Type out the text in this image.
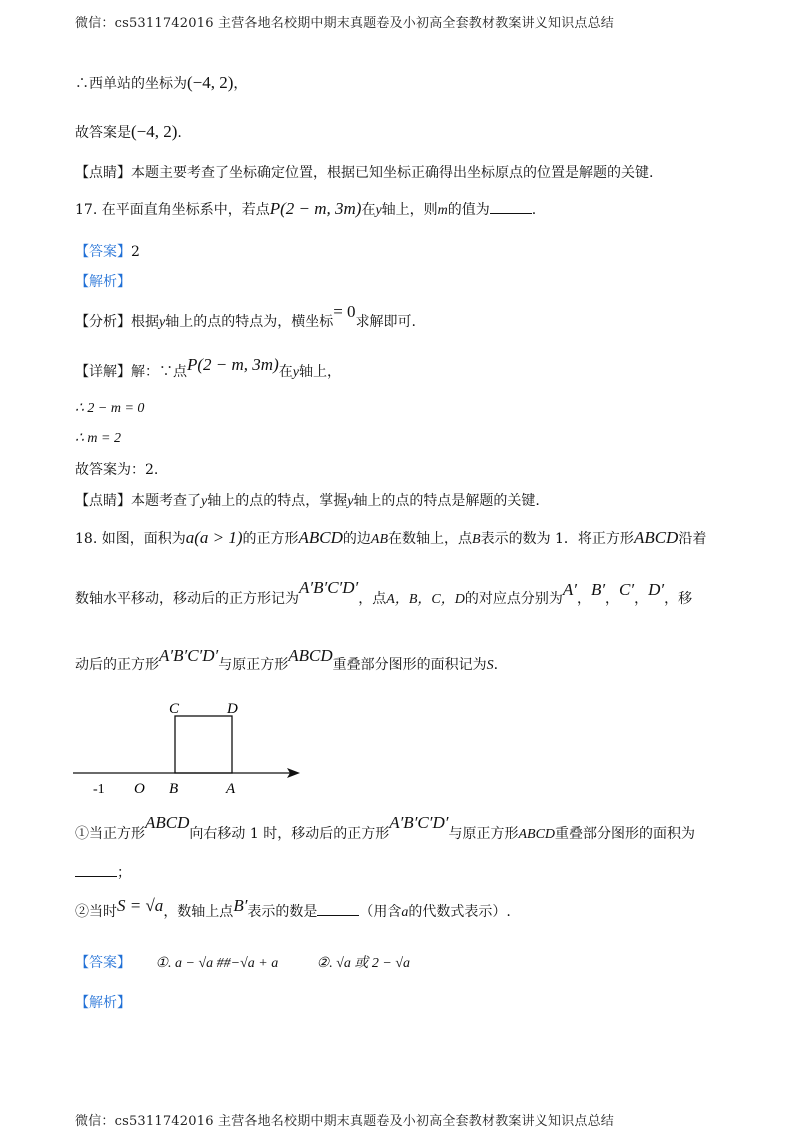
微信：cs5311742016 主营各地名校期中期末真题卷及小初高全套教材教案讲义知识点总结
∴西单站的坐标为(−4, 2)，
故答案是(−4, 2).
【点睛】本题主要考查了坐标确定位置，根据已知坐标正确得出坐标原点的位置是解题的关键.
17. 在平面直角坐标系中，若点P(2 − m, 3m)在y轴上，则m的值为	.
【答案】2
【解析】
【分析】根据y轴上的点的特点为，横坐标= 0求解即可.
【详解】解：∵点P(2 − m, 3m)在y轴上，
∴ 2 − m = 0
∴ m = 2
故答案为：2.
【点睛】本题考查了y轴上的点的特点，掌握y轴上的点的特点是解题的关键.
18. 如图，面积为a(a > 1)的正方形ABCD的边AB在数轴上，点B表示的数为 1．将正方形ABCD沿着
数轴水平移动，移动后的正方形记为A′B′C′D′，点A，B，C，D的对应点分别为A′，B′，C′，D′，移
动后的正方形A′B′C′D′与原正方形ABCD重叠部分图形的面积记为S.
C	D
-1 O B	A
①当正方形ABCD向右移动 1 时，移动后的正方形A′B′C′D′与原正方形ABCD重叠部分图形的面积为
；
②当时S = √a，数轴上点B′表示的数是	（用含a的代数式表示）.
【答案】 ①. a − √a ##−√a + a	②. √a 或 2 − √a
【解析】
微信：cs5311742016 主营各地名校期中期末真题卷及小初高全套教材教案讲义知识点总结
